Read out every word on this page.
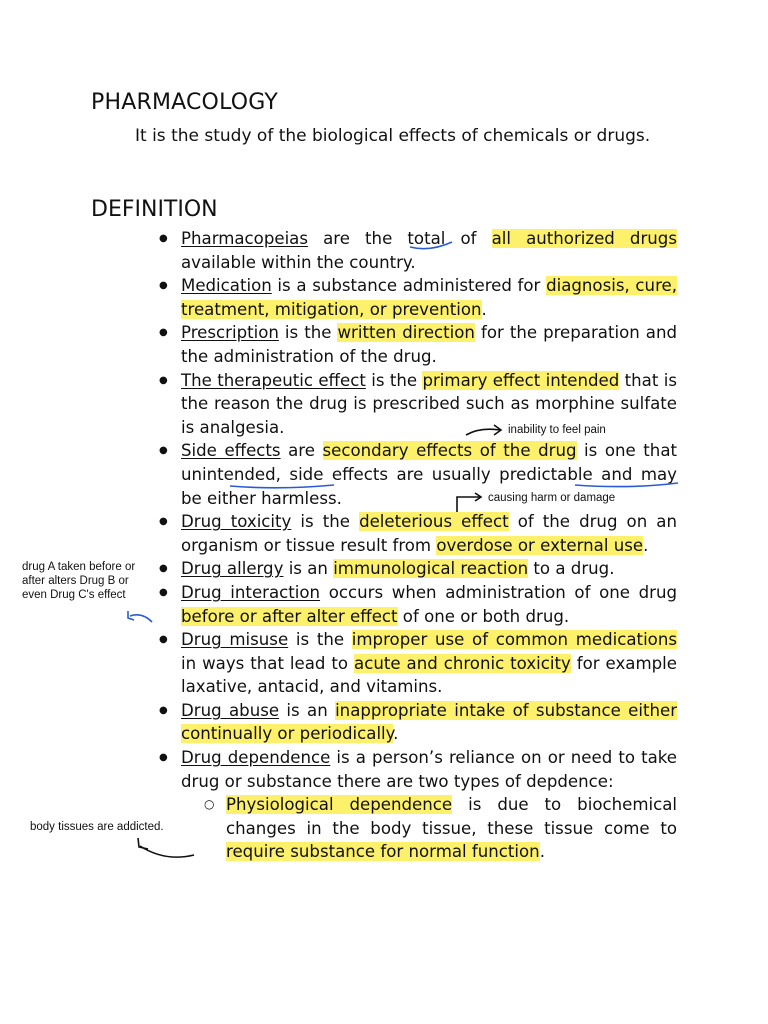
PHARMACOLOGY
It is the study of the biological effects of chemicals or drugs.
DEFINITION
● Pharmacopeias are the total of all authorized drugs available within the country.
● Medication is a substance administered for diagnosis, cure, treatment, mitigation, or prevention.
● Prescription is the written direction for the preparation and the administration of the drug.
● The therapeutic effect is the primary effect intended that is the reason the drug is prescribed such as morphine sulfate is analgesia.
● Side effects are secondary effects of the drug is one that unintended, side effects are usually predictable and may be either harmless.
● Drug toxicity is the deleterious effect of the drug on an organism or tissue result from overdose or external use.
● Drug allergy is an immunological reaction to a drug.
● Drug interaction occurs when administration of one drug before or after alter effect of one or both drug.
● Drug misuse is the improper use of common medications in ways that lead to acute and chronic toxicity for example laxative, antacid, and vitamins.
● Drug abuse is an inappropriate intake of substance either continually or periodically.
● Drug dependence is a person’s reliance on or need to take drug or substance there are two types of depdence:
○ Physiological dependence is due to biochemical changes in the body tissue, these tissue come to require substance for normal function.
inability to feel pain
causing harm or damage
drug A taken before or after alters Drug B or even Drug C's effect
body tissues are addicted.
